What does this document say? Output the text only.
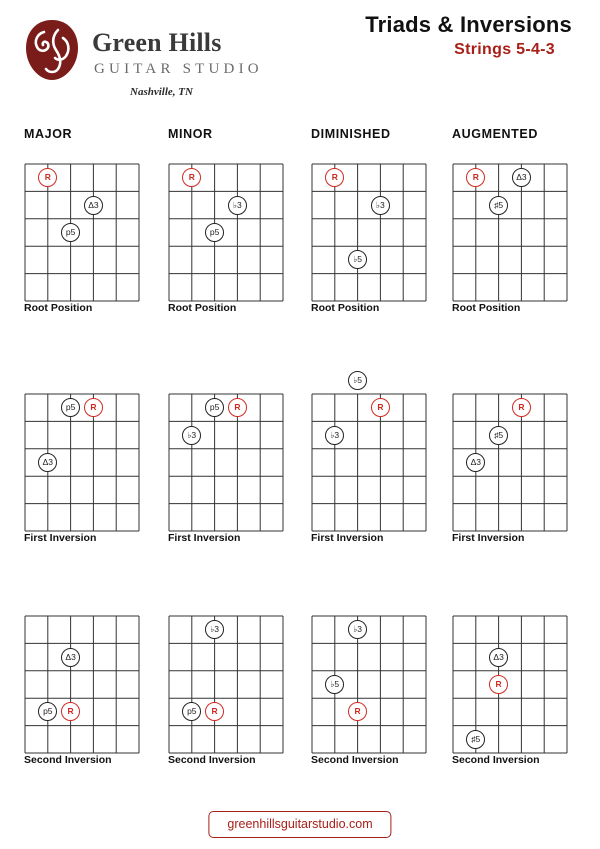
Green Hills
GUITAR STUDIO
Nashville, TN
Triads & Inversions
Strings 5-4-3
MAJOR	MINOR	DIMINISHED	AUGMENTED
p5
Δ3
R
Root Position
p5
♭3
R
Root Position
♭5
♭3
R
Root Position
♯5
Δ3
R
Root Position
p5	R
Δ3
First Inversion
p5	R
♭3
First Inversion
♭5
R
♭3
First Inversion
R
♯5
Δ3
First Inversion
Δ3
p5	R
Second Inversion
♭3
p5	R
Second Inversion
♭3
♭5
R
Second Inversion
Δ3
R
♯5
Second Inversion
greenhillsguitarstudio.com
